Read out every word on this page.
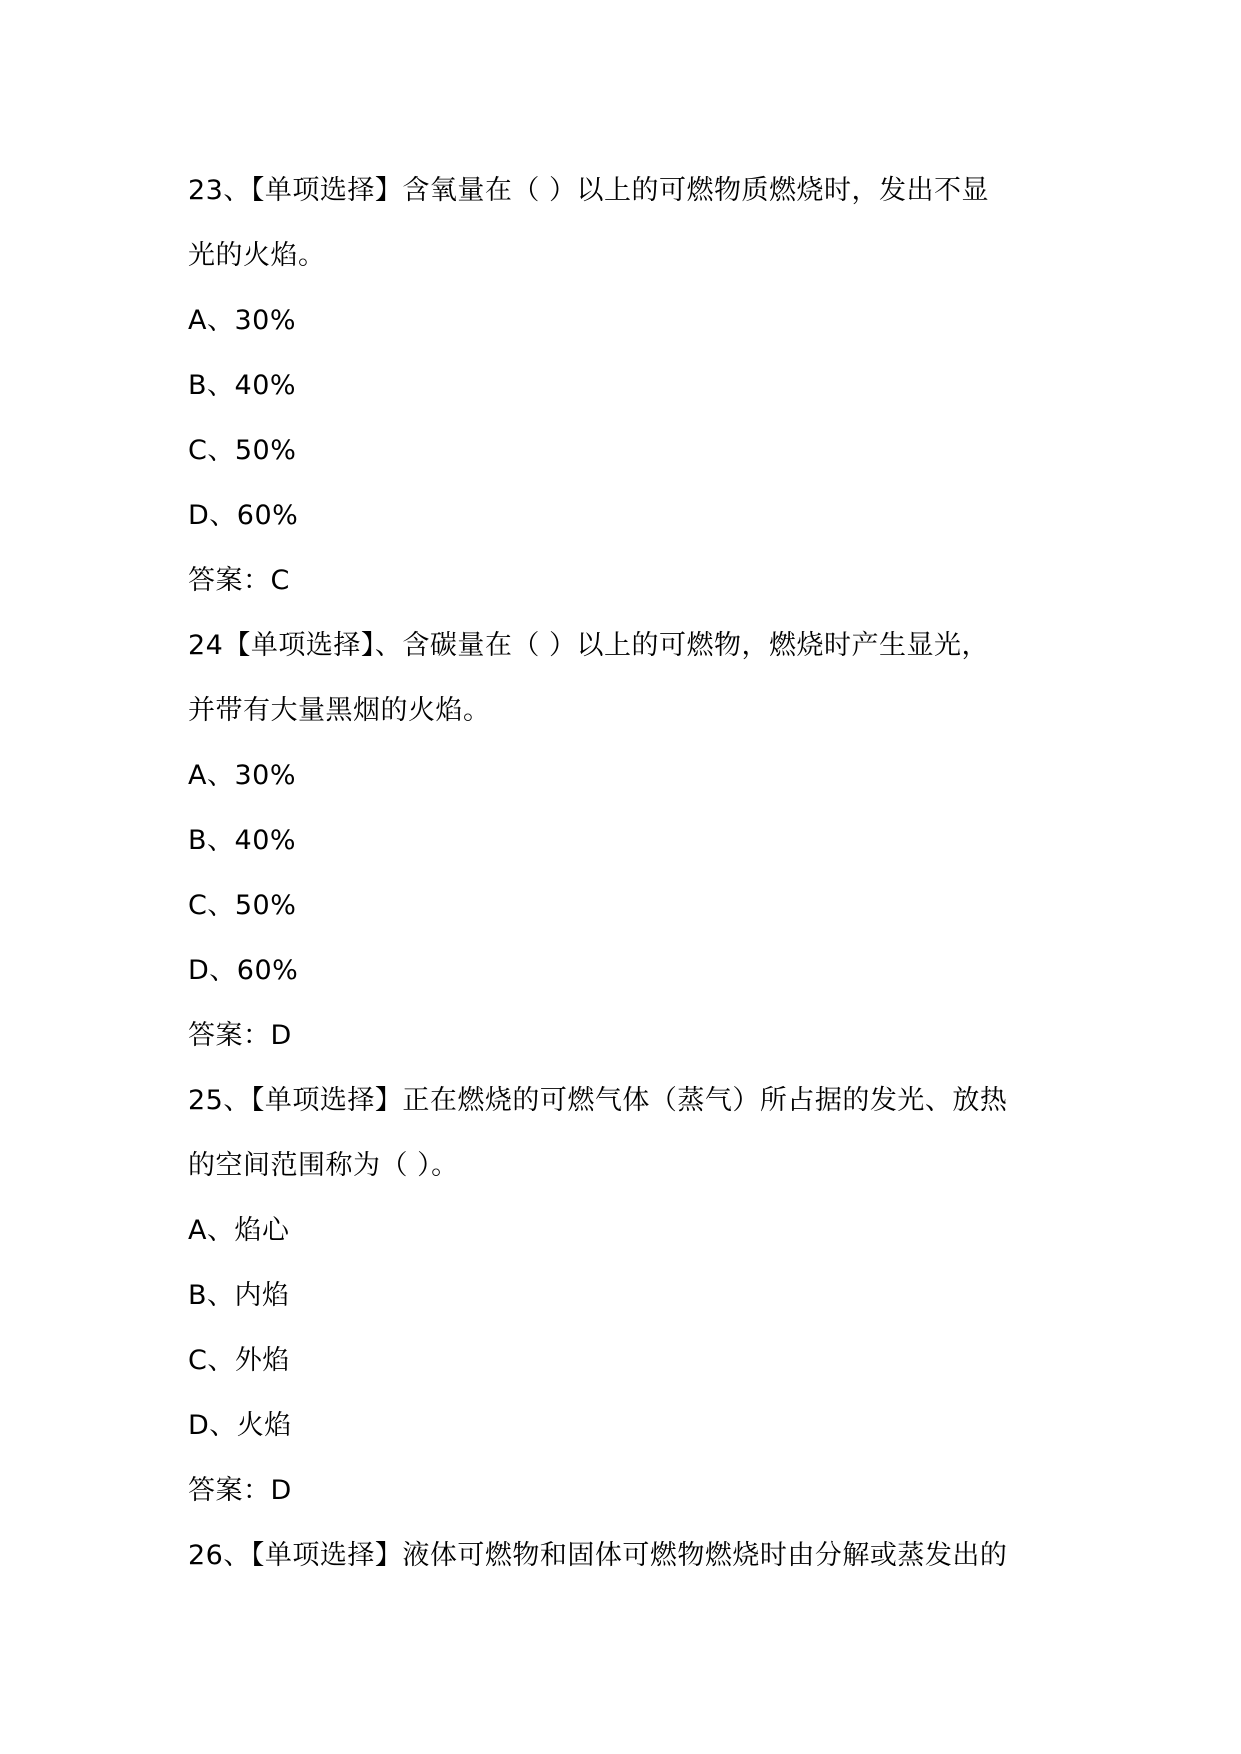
23、【单项选择】含氧量在（ ）以上的可燃物质燃烧时，发出不显
光的火焰。
A、30%
B、40%
C、50%
D、60%
答案：C
24【单项选择】、含碳量在（ ）以上的可燃物，燃烧时产生显光，
并带有大量黑烟的火焰。
A、30%
B、40%
C、50%
D、60%
答案：D
25、【单项选择】正在燃烧的可燃气体（蒸气）所占据的发光、放热
的空间范围称为（ ）。
A、焰心
B、内焰
C、外焰
D、火焰
答案：D
26、【单项选择】液体可燃物和固体可燃物燃烧时由分解或蒸发出的
